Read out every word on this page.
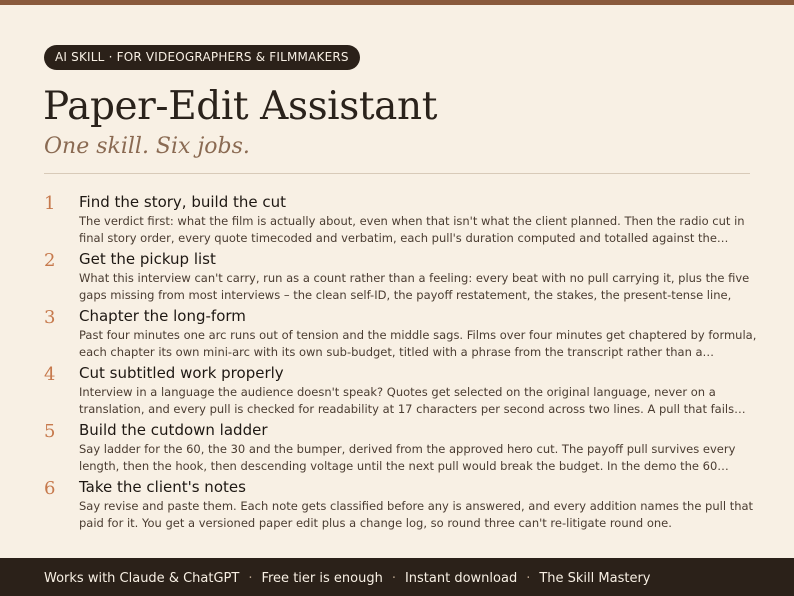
AI SKILL · FOR VIDEOGRAPHERS & FILMMAKERS
Paper-Edit Assistant
One skill. Six jobs.
1 Find the story, build the cut
The verdict first: what the film is actually about, even when that isn't what the client planned. Then the radio cut in final story order, every quote timecoded and verbatim, each pull's duration computed and totalled against the…
2 Get the pickup list
What this interview can't carry, run as a count rather than a feeling: every beat with no pull carrying it, plus the five gaps missing from most interviews – the clean self-ID, the payoff restatement, the stakes, the present-tense line,
3 Chapter the long-form
Past four minutes one arc runs out of tension and the middle sags. Films over four minutes get chaptered by formula, each chapter its own mini-arc with its own sub-budget, titled with a phrase from the transcript rather than a…
4 Cut subtitled work properly
Interview in a language the audience doesn't speak? Quotes get selected on the original language, never on a translation, and every pull is checked for readability at 17 characters per second across two lines. A pull that fails…
5 Build the cutdown ladder
Say ladder for the 60, the 30 and the bumper, derived from the approved hero cut. The payoff pull survives every length, then the hook, then descending voltage until the next pull would break the budget. In the demo the 60…
6 Take the client's notes
Say revise and paste them. Each note gets classified before any is answered, and every addition names the pull that paid for it. You get a versioned paper edit plus a change log, so round three can't re-litigate round one.
Works with Claude & ChatGPT · Free tier is enough · Instant download · The Skill Mastery
